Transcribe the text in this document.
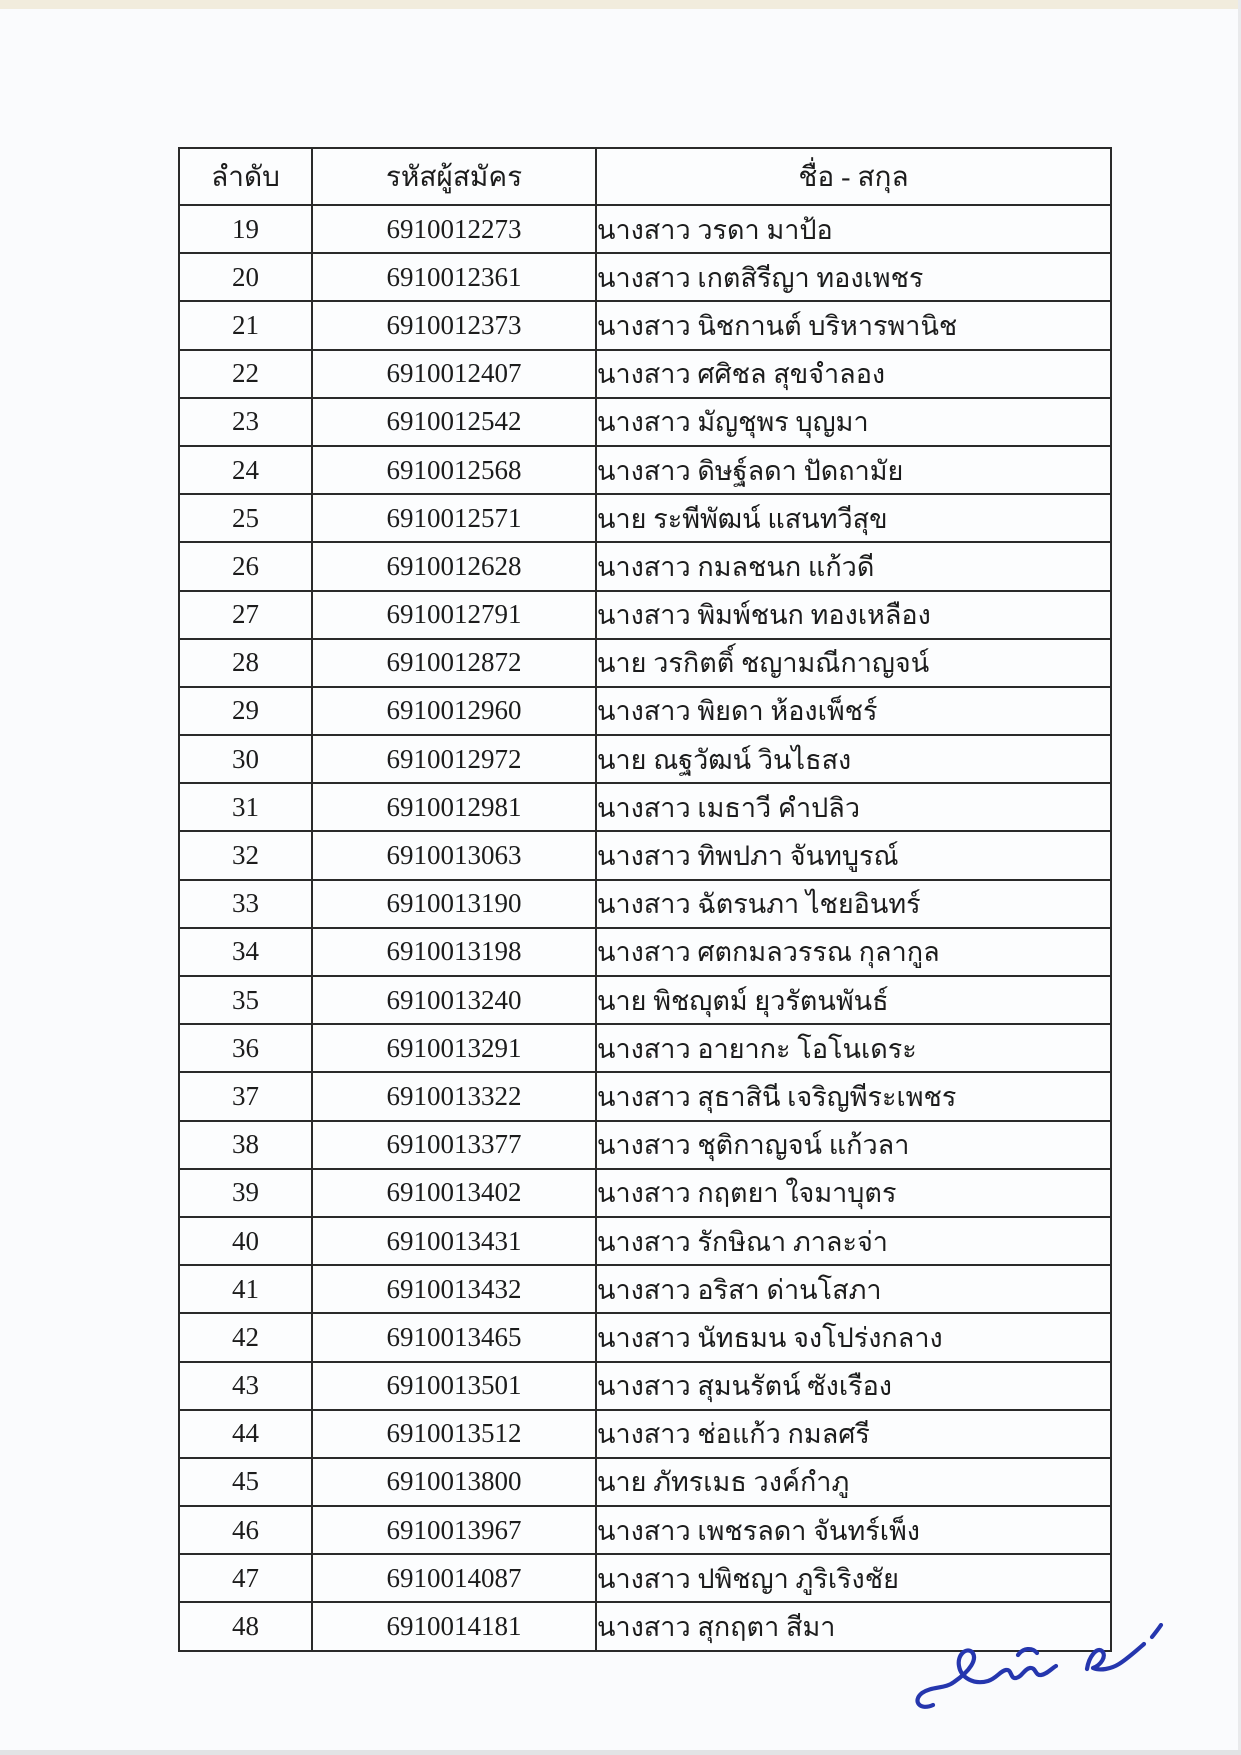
ลำดับ	รหัสผู้สมัคร	ชื่อ - สกุล
19	6910012273	นางสาว วรดา มาป้อ
20	6910012361	นางสาว เกตสิรีญา ทองเพชร
21	6910012373	นางสาว นิชกานต์ บริหารพานิช
22	6910012407	นางสาว ศศิชล สุขจำลอง
23	6910012542	นางสาว มัญชุพร บุญมา
24	6910012568	นางสาว ดิษฐ์ลดา ปัดถามัย
25	6910012571	นาย ระพีพัฒน์ แสนทวีสุข
26	6910012628	นางสาว กมลชนก แก้วดี
27	6910012791	นางสาว พิมพ์ชนก ทองเหลือง
28	6910012872	นาย วรกิตติ์ ชญามณีกาญจน์
29	6910012960	นางสาว พิยดา ห้องเพ็ชร์
30	6910012972	นาย ณฐวัฒน์ วินไธสง
31	6910012981	นางสาว เมธาวี คำปลิว
32	6910013063	นางสาว ทิพปภา จันทบูรณ์
33	6910013190	นางสาว ฉัตรนภา ไชยอินทร์
34	6910013198	นางสาว ศตกมลวรรณ กุลากูล
35	6910013240	นาย พิชญุตม์ ยุวรัตนพันธ์
36	6910013291	นางสาว อายากะ โอโนเดระ
37	6910013322	นางสาว สุธาสินี เจริญพีระเพชร
38	6910013377	นางสาว ชุติกาญจน์ แก้วลา
39	6910013402	นางสาว กฤตยา ใจมาบุตร
40	6910013431	นางสาว รักษิณา ภาละจ่า
41	6910013432	นางสาว อริสา ด่านโสภา
42	6910013465	นางสาว นัทธมน จงโปร่งกลาง
43	6910013501	นางสาว สุมนรัตน์ ซังเรือง
44	6910013512	นางสาว ช่อแก้ว กมลศรี
45	6910013800	นาย ภัทรเมธ วงค์กำภู
46	6910013967	นางสาว เพชรลดา จันทร์เพ็ง
47	6910014087	นางสาว ปพิชญา ภูริเริงชัย
48	6910014181	นางสาว สุกฤตา สีมา
